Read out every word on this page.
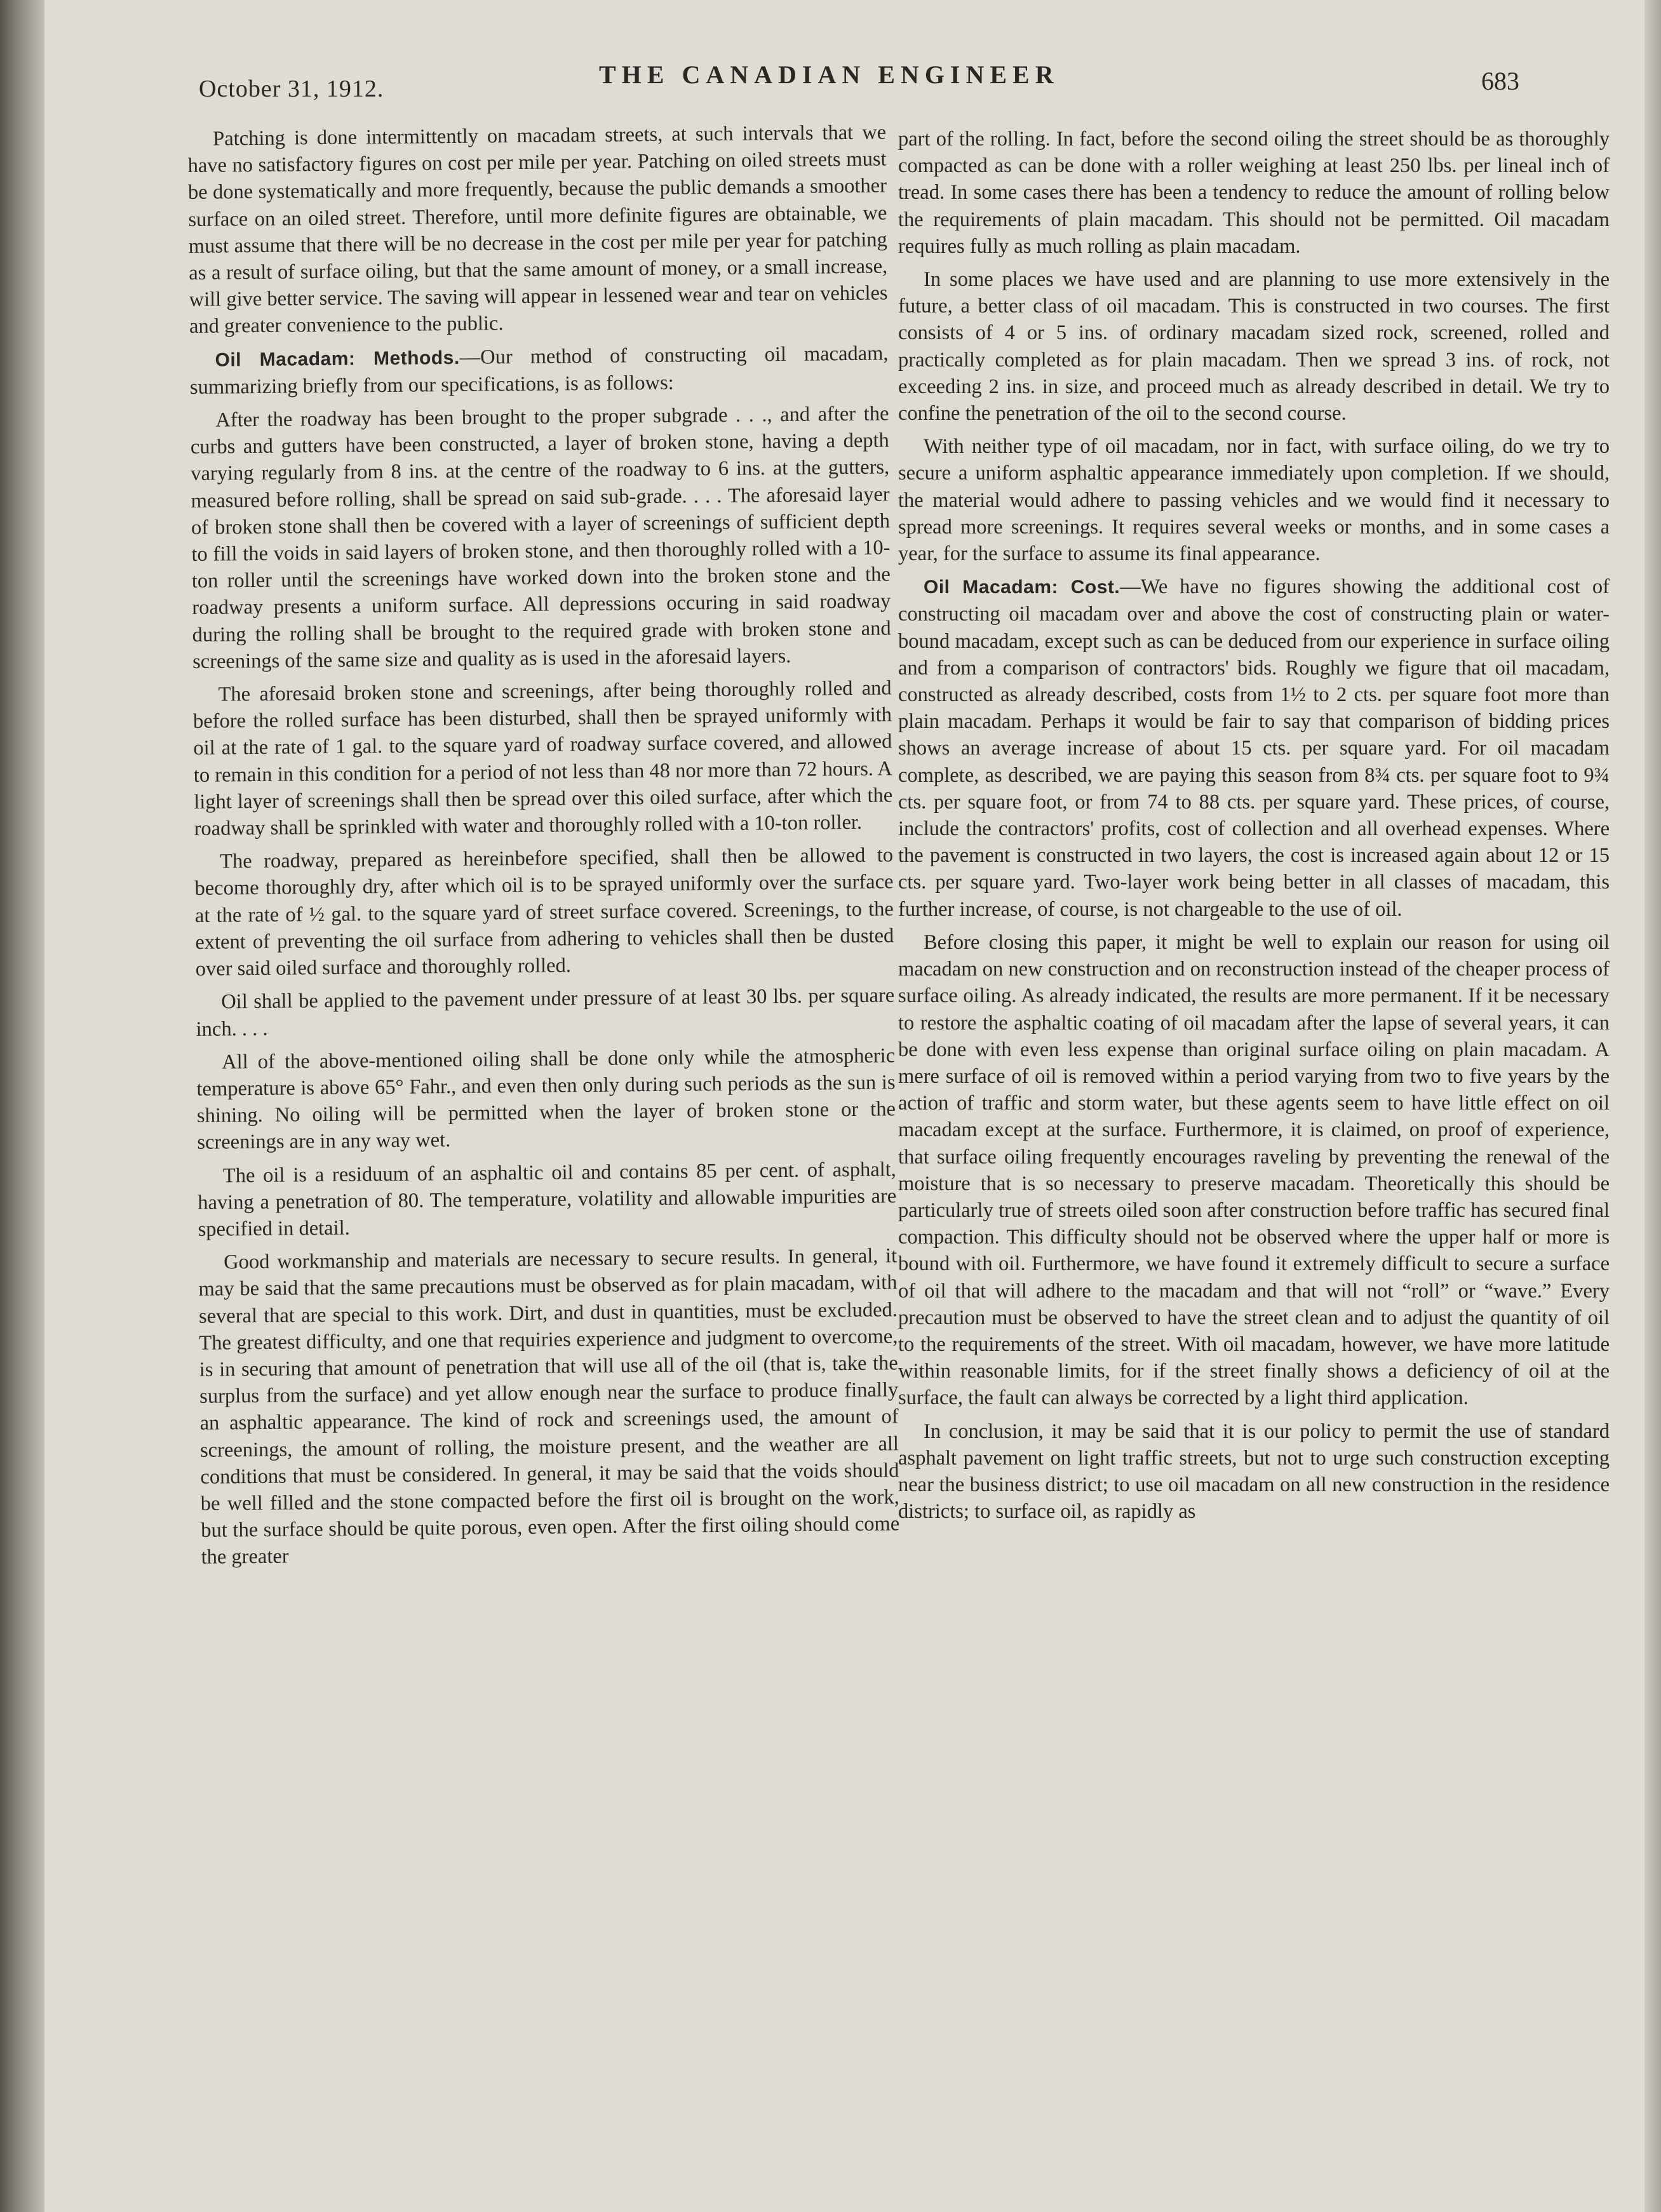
October 31, 1912.	THE CANADIAN ENGINEER	683

Patching is done intermittently on macadam streets, at such intervals that we have no satisfactory figures on cost per mile per year. Patching on oiled streets must be done systematically and more frequently, because the public demands a smoother surface on an oiled street. Therefore, until more definite figures are obtainable, we must assume that there will be no decrease in the cost per mile per year for patching as a result of surface oiling, but that the same amount of money, or a small increase, will give better service. The saving will appear in lessened wear and tear on vehicles and greater convenience to the public.

Oil Macadam: Methods.—Our method of constructing oil macadam, summarizing briefly from our specifications, is as follows:

After the roadway has been brought to the proper subgrade . . ., and after the curbs and gutters have been constructed, a layer of broken stone, having a depth varying regularly from 8 ins. at the centre of the roadway to 6 ins. at the gutters, measured before rolling, shall be spread on said sub-grade. . . . The aforesaid layer of broken stone shall then be covered with a layer of screenings of sufficient depth to fill the voids in said layers of broken stone, and then thoroughly rolled with a 10-ton roller until the screenings have worked down into the broken stone and the roadway presents a uniform surface. All depressions occuring in said roadway during the rolling shall be brought to the required grade with broken stone and screenings of the same size and quality as is used in the aforesaid layers.

The aforesaid broken stone and screenings, after being thoroughly rolled and before the rolled surface has been disturbed, shall then be sprayed uniformly with oil at the rate of 1 gal. to the square yard of roadway surface covered, and allowed to remain in this condition for a period of not less than 48 nor more than 72 hours. A light layer of screenings shall then be spread over this oiled surface, after which the roadway shall be sprinkled with water and thoroughly rolled with a 10-ton roller.

The roadway, prepared as hereinbefore specified, shall then be allowed to become thoroughly dry, after which oil is to be sprayed uniformly over the surface at the rate of ½ gal. to the square yard of street surface covered. Screenings, to the extent of preventing the oil surface from adhering to vehicles shall then be dusted over said oiled surface and thoroughly rolled.

Oil shall be applied to the pavement under pressure of at least 30 lbs. per square inch. . . .

All of the above-mentioned oiling shall be done only while the atmospheric temperature is above 65° Fahr., and even then only during such periods as the sun is shining. No oiling will be permitted when the layer of broken stone or the screenings are in any way wet.

The oil is a residuum of an asphaltic oil and contains 85 per cent. of asphalt, having a penetration of 80. The temperature, volatility and allowable impurities are specified in detail.

Good workmanship and materials are necessary to secure results. In general, it may be said that the same precautions must be observed as for plain macadam, with several that are special to this work. Dirt, and dust in quantities, must be excluded. The greatest difficulty, and one that requiries experience and judgment to overcome, is in securing that amount of penetration that will use all of the oil (that is, take the surplus from the surface) and yet allow enough near the surface to produce finally an asphaltic appearance. The kind of rock and screenings used, the amount of screenings, the amount of rolling, the moisture present, and the weather are all conditions that must be considered. In general, it may be said that the voids should be well filled and the stone compacted before the first oil is brought on the work, but the surface should be quite porous, even open. After the first oiling should come the greater

part of the rolling. In fact, before the second oiling the street should be as thoroughly compacted as can be done with a roller weighing at least 250 lbs. per lineal inch of tread. In some cases there has been a tendency to reduce the amount of rolling below the requirements of plain macadam. This should not be permitted. Oil macadam requires fully as much rolling as plain macadam.

In some places we have used and are planning to use more extensively in the future, a better class of oil macadam. This is constructed in two courses. The first consists of 4 or 5 ins. of ordinary macadam sized rock, screened, rolled and practically completed as for plain macadam. Then we spread 3 ins. of rock, not exceeding 2 ins. in size, and proceed much as already described in detail. We try to confine the penetration of the oil to the second course.

With neither type of oil macadam, nor in fact, with surface oiling, do we try to secure a uniform asphaltic appearance immediately upon completion. If we should, the material would adhere to passing vehicles and we would find it necessary to spread more screenings. It requires several weeks or months, and in some cases a year, for the surface to assume its final appearance.

Oil Macadam: Cost.—We have no figures showing the additional cost of constructing oil macadam over and above the cost of constructing plain or water-bound macadam, except such as can be deduced from our experience in surface oiling and from a comparison of contractors' bids. Roughly we figure that oil macadam, constructed as already described, costs from 1½ to 2 cts. per square foot more than plain macadam. Perhaps it would be fair to say that comparison of bidding prices shows an average increase of about 15 cts. per square yard. For oil macadam complete, as described, we are paying this season from 8¾ cts. per square foot to 9¾ cts. per square foot, or from 74 to 88 cts. per square yard. These prices, of course, include the contractors' profits, cost of collection and all overhead expenses. Where the pavement is constructed in two layers, the cost is increased again about 12 or 15 cts. per square yard. Two-layer work being better in all classes of macadam, this further increase, of course, is not chargeable to the use of oil.

Before closing this paper, it might be well to explain our reason for using oil macadam on new construction and on reconstruction instead of the cheaper process of surface oiling. As already indicated, the results are more permanent. If it be necessary to restore the asphaltic coating of oil macadam after the lapse of several years, it can be done with even less expense than original surface oiling on plain macadam. A mere surface of oil is removed within a period varying from two to five years by the action of traffic and storm water, but these agents seem to have little effect on oil macadam except at the surface. Furthermore, it is claimed, on proof of experience, that surface oiling frequently encourages raveling by preventing the renewal of the moisture that is so necessary to preserve macadam. Theoretically this should be particularly true of streets oiled soon after construction before traffic has secured final compaction. This difficulty should not be observed where the upper half or more is bound with oil. Furthermore, we have found it extremely difficult to secure a surface of oil that will adhere to the macadam and that will not “roll” or “wave.” Every precaution must be observed to have the street clean and to adjust the quantity of oil to the requirements of the street. With oil macadam, however, we have more latitude within reasonable limits, for if the street finally shows a deficiency of oil at the surface, the fault can always be corrected by a light third application.

In conclusion, it may be said that it is our policy to permit the use of standard asphalt pavement on light traffic streets, but not to urge such construction excepting near the business district; to use oil macadam on all new construction in the residence districts; to surface oil, as rapidly as
